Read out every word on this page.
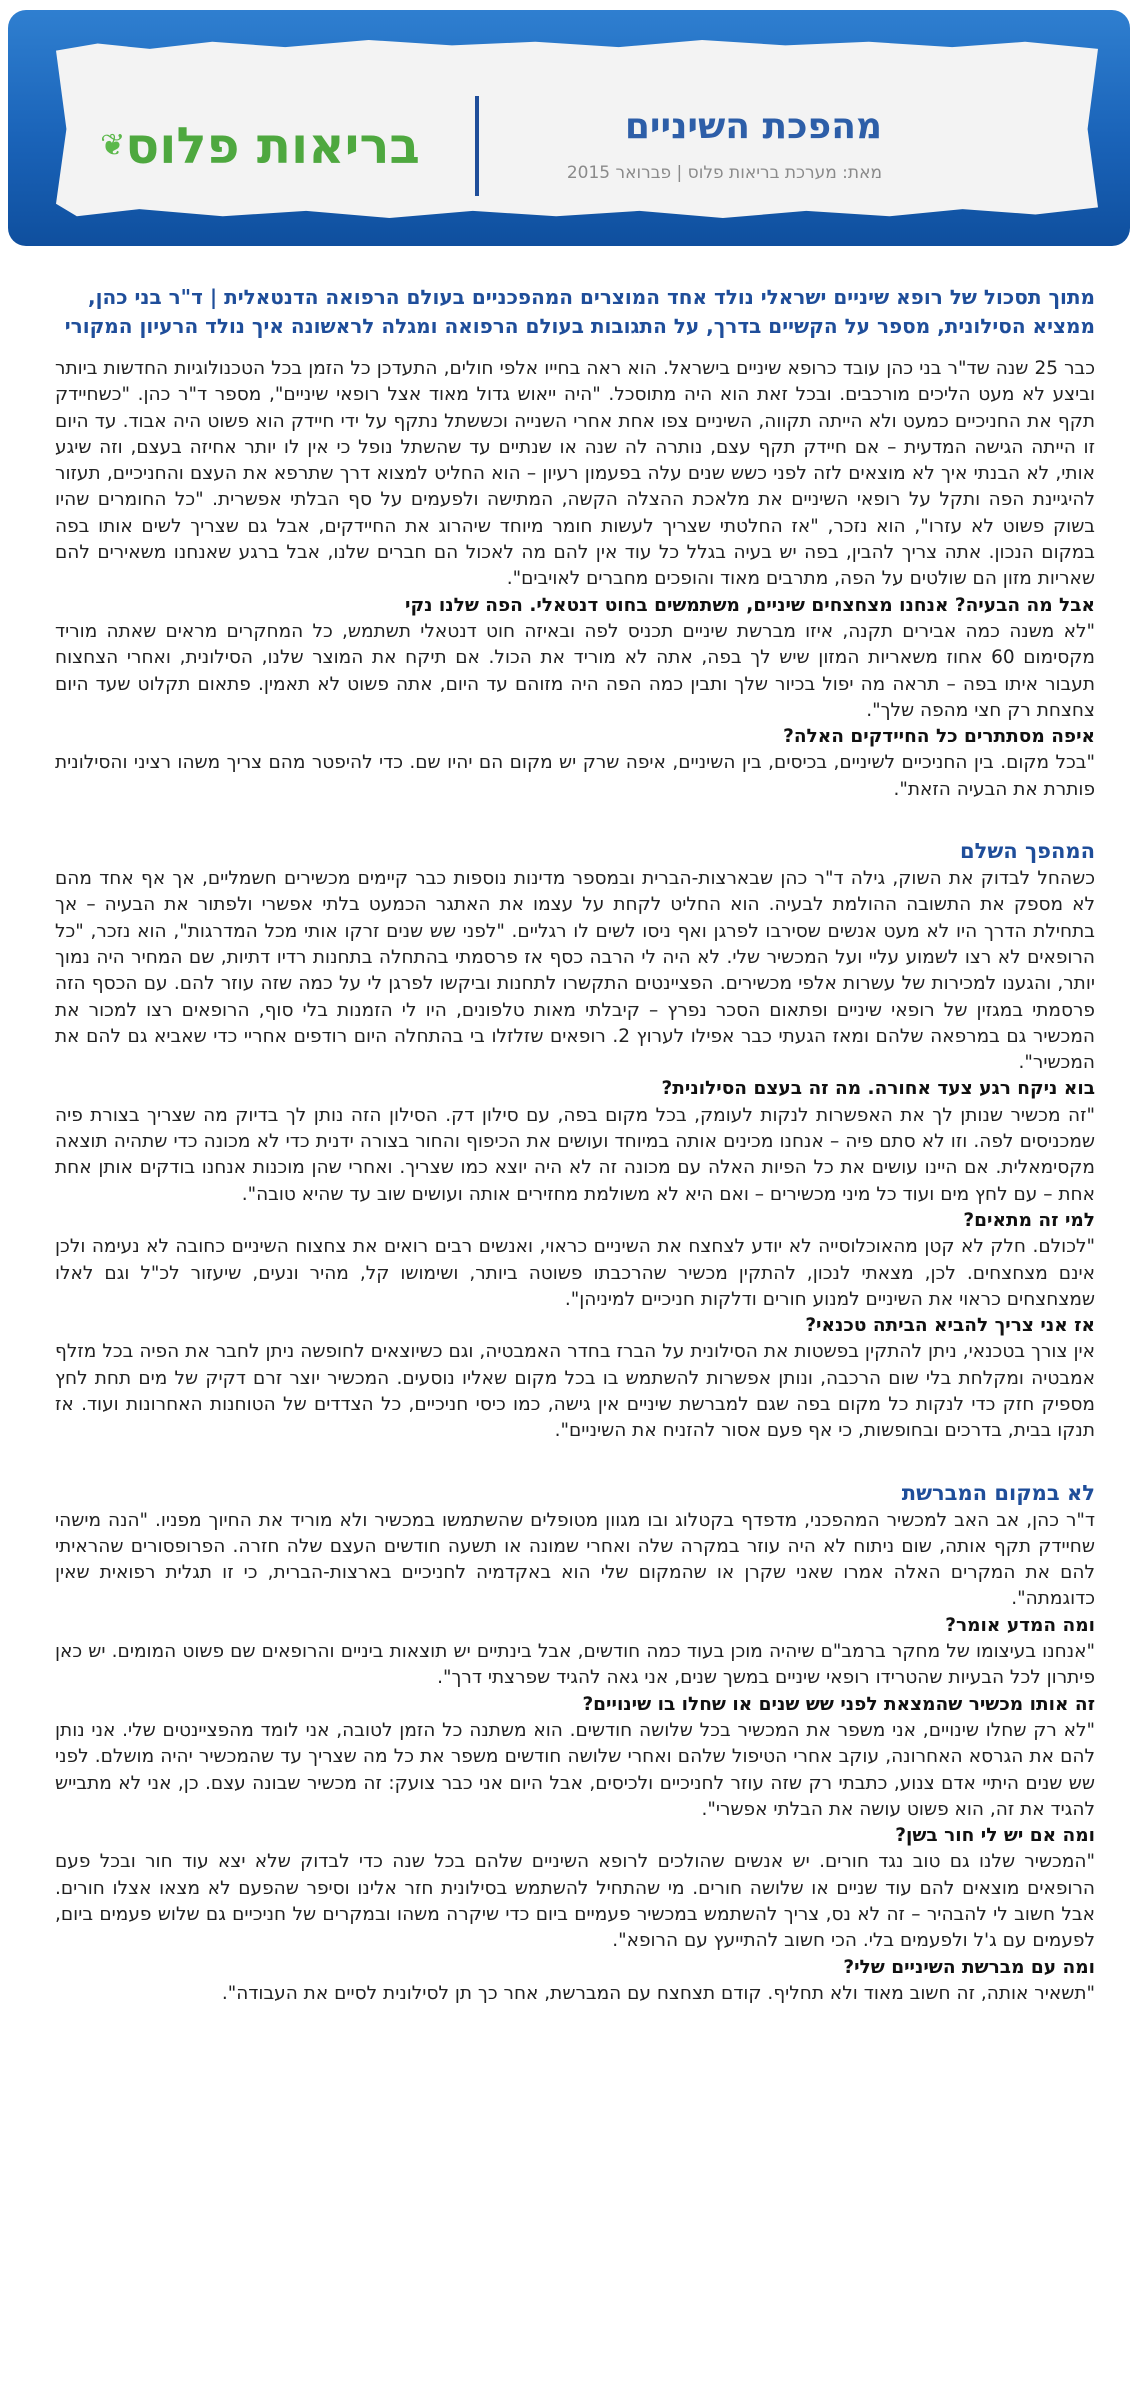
מהפכת השיניים
מאת: מערכת בריאות פלוס | פברואר 2015
בריאות פלוס❦

מתוך תסכול של רופא שיניים ישראלי נולד אחד המוצרים המהפכניים בעולם הרפואה הדנטאלית | ד"ר בני כהן, ממציא הסילונית, מספר על הקשיים בדרך, על התגובות בעולם הרפואה ומגלה לראשונה איך נולד הרעיון המקורי

כבר 25 שנה שד"ר בני כהן עובד כרופא שיניים בישראל. הוא ראה בחייו אלפי חולים, התעדכן כל הזמן בכל הטכנולוגיות החדשות ביותר וביצע לא מעט הליכים מורכבים. ובכל זאת הוא היה מתוסכל. "היה ייאוש גדול מאוד אצל רופאי שיניים", מספר ד"ר כהן. "כשחיידק תקף את החניכיים כמעט ולא הייתה תקווה, השיניים צפו אחת אחרי השנייה וכששתל נתקף על ידי חיידק הוא פשוט היה אבוד. עד היום זו הייתה הגישה המדעית – אם חיידק תקף עצם, נותרה לה שנה או שנתיים עד שהשתל נופל כי אין לו יותר אחיזה בעצם, וזה שיגע אותי, לא הבנתי איך לא מוצאים לזה לפני כשש שנים עלה בפעמון רעיון – הוא החליט למצוא דרך שתרפא את העצם והחניכיים, תעזור להיגיינת הפה ותקל על רופאי השיניים את מלאכת ההצלה הקשה, המתישה ולפעמים על סף הבלתי אפשרית. "כל החומרים שהיו בשוק פשוט לא עזרו", הוא נזכר, "אז החלטתי שצריך לעשות חומר מיוחד שיהרוג את החיידקים, אבל גם שצריך לשים אותו בפה במקום הנכון. אתה צריך להבין, בפה יש בעיה בגלל כל עוד אין להם מה לאכול הם חברים שלנו, אבל ברגע שאנחנו משאירים להם שאריות מזון הם שולטים על הפה, מתרבים מאוד והופכים מחברים לאויבים".

אבל מה הבעיה? אנחנו מצחצחים שיניים, משתמשים בחוט דנטאלי. הפה שלנו נקי

"לא משנה כמה אבירים תקנה, איזו מברשת שיניים תכניס לפה ובאיזה חוט דנטאלי תשתמש, כל המחקרים מראים שאתה מוריד מקסימום 60 אחוז משאריות המזון שיש לך בפה, אתה לא מוריד את הכול. אם תיקח את המוצר שלנו, הסילונית, ואחרי הצחצוח תעבור איתו בפה – תראה מה יפול בכיור שלך ותבין כמה הפה היה מזוהם עד היום, אתה פשוט לא תאמין. פתאום תקלוט שעד היום צחצחת רק חצי מהפה שלך".

איפה מסתתרים כל החיידקים האלה?

"בכל מקום. בין החניכיים לשיניים, בכיסים, בין השיניים, איפה שרק יש מקום הם יהיו שם. כדי להיפטר מהם צריך משהו רציני והסילונית פותרת את הבעיה הזאת".

המהפך השלם

כשהחל לבדוק את השוק, גילה ד"ר כהן שבארצות-הברית ובמספר מדינות נוספות כבר קיימים מכשירים חשמליים, אך אף אחד מהם לא מספק את התשובה ההולמת לבעיה. הוא החליט לקחת על עצמו את האתגר הכמעט בלתי אפשרי ולפתור את הבעיה – אך בתחילת הדרך היו לא מעט אנשים שסירבו לפרגן ואף ניסו לשים לו רגליים. "לפני שש שנים זרקו אותי מכל המדרגות", הוא נזכר, "כל הרופאים לא רצו לשמוע עליי ועל המכשיר שלי. לא היה לי הרבה כסף אז פרסמתי בהתחלה בתחנות רדיו דתיות, שם המחיר היה נמוך יותר, והגענו למכירות של עשרות אלפי מכשירים. הפציינטים התקשרו לתחנות וביקשו לפרגן לי על כמה שזה עוזר להם. עם הכסף הזה פרסמתי במגזין של רופאי שיניים ופתאום הסכר נפרץ – קיבלתי מאות טלפונים, היו לי הזמנות בלי סוף, הרופאים רצו למכור את המכשיר גם במרפאה שלהם ומאז הגעתי כבר אפילו לערוץ 2. רופאים שזלזלו בי בהתחלה היום רודפים אחריי כדי שאביא גם להם את המכשיר".

בוא ניקח רגע צעד אחורה. מה זה בעצם הסילונית?

"זה מכשיר שנותן לך את האפשרות לנקות לעומק, בכל מקום בפה, עם סילון דק. הסילון הזה נותן לך בדיוק מה שצריך בצורת פיה שמכניסים לפה. וזו לא סתם פיה – אנחנו מכינים אותה במיוחד ועושים את הכיפוף והחור בצורה ידנית כדי לא מכונה כדי שתהיה תוצאה מקסימאלית. אם היינו עושים את כל הפיות האלה עם מכונה זה לא היה יוצא כמו שצריך. ואחרי שהן מוכנות אנחנו בודקים אותן אחת אחת – עם לחץ מים ועוד כל מיני מכשירים – ואם היא לא משולמת מחזירים אותה ועושים שוב עד שהיא טובה".

למי זה מתאים?

"לכולם. חלק לא קטן מהאוכלוסייה לא יודע לצחצח את השיניים כראוי, ואנשים רבים רואים את צחצוח השיניים כחובה לא נעימה ולכן אינם מצחצחים. לכן, מצאתי לנכון, להתקין מכשיר שהרכבתו פשוטה ביותר, ושימושו קל, מהיר ונעים, שיעזור לכ"ל וגם לאלו שמצחצחים כראוי את השיניים למנוע חורים ודלקות חניכיים למיניהן".

אז אני צריך להביא הביתה טכנאי?

אין צורך בטכנאי, ניתן להתקין בפשטות את הסילונית על הברז בחדר האמבטיה, וגם כשיוצאים לחופשה ניתן לחבר את הפיה בכל מזלף אמבטיה ומקלחת בלי שום הרכבה, ונותן אפשרות להשתמש בו בכל מקום שאליו נוסעים. המכשיר יוצר זרם דקיק של מים תחת לחץ מספיק חזק כדי לנקות כל מקום בפה שגם למברשת שיניים אין גישה, כמו כיסי חניכיים, כל הצדדים של הטוחנות האחרונות ועוד. אז תנקו בבית, בדרכים ובחופשות, כי אף פעם אסור להזניח את השיניים".

לא במקום המברשת

ד"ר כהן, אב האב למכשיר המהפכני, מדפדף בקטלוג ובו מגוון מטופלים שהשתמשו במכשיר ולא מוריד את החיוך מפניו. "הנה מישהי שחיידק תקף אותה, שום ניתוח לא היה עוזר במקרה שלה ואחרי שמונה או תשעה חודשים העצם שלה חזרה. הפרופסורים שהראיתי להם את המקרים האלה אמרו שאני שקרן או שהמקום שלי הוא באקדמיה לחניכיים בארצות-הברית, כי זו תגלית רפואית שאין כדוגמתה".

ומה המדע אומר?

"אנחנו בעיצומו של מחקר ברמב"ם שיהיה מוכן בעוד כמה חודשים, אבל בינתיים יש תוצאות ביניים והרופאים שם פשוט המומים. יש כאן פיתרון לכל הבעיות שהטרידו רופאי שיניים במשך שנים, אני גאה להגיד שפרצתי דרך".

זה אותו מכשיר שהמצאת לפני שש שנים או שחלו בו שינויים?

"לא רק שחלו שינויים, אני משפר את המכשיר בכל שלושה חודשים. הוא משתנה כל הזמן לטובה, אני לומד מהפציינטים שלי. אני נותן להם את הגרסא האחרונה, עוקב אחרי הטיפול שלהם ואחרי שלושה חודשים משפר את כל מה שצריך עד שהמכשיר יהיה מושלם. לפני שש שנים היתיי אדם צנוע, כתבתי רק שזה עוזר לחניכיים ולכיסים, אבל היום אני כבר צועק: זה מכשיר שבונה עצם. כן, אני לא מתבייש להגיד את זה, הוא פשוט עושה את הבלתי אפשרי".

ומה אם יש לי חור בשן?

"המכשיר שלנו גם טוב נגד חורים. יש אנשים שהולכים לרופא השיניים שלהם בכל שנה כדי לבדוק שלא יצא עוד חור ובכל פעם הרופאים מוצאים להם עוד שניים או שלושה חורים. מי שהתחיל להשתמש בסילונית חזר אלינו וסיפר שהפעם לא מצאו אצלו חורים. אבל חשוב לי להבהיר – זה לא נס, צריך להשתמש במכשיר פעמיים ביום כדי שיקרה משהו ובמקרים של חניכיים גם שלוש פעמים ביום, לפעמים עם ג'ל ולפעמים בלי. הכי חשוב להתייעץ עם הרופא".

ומה עם מברשת השיניים שלי?

"תשאיר אותה, זה חשוב מאוד ולא תחליף. קודם תצחצח עם המברשת, אחר כך תן לסילונית לסיים את העבודה".
